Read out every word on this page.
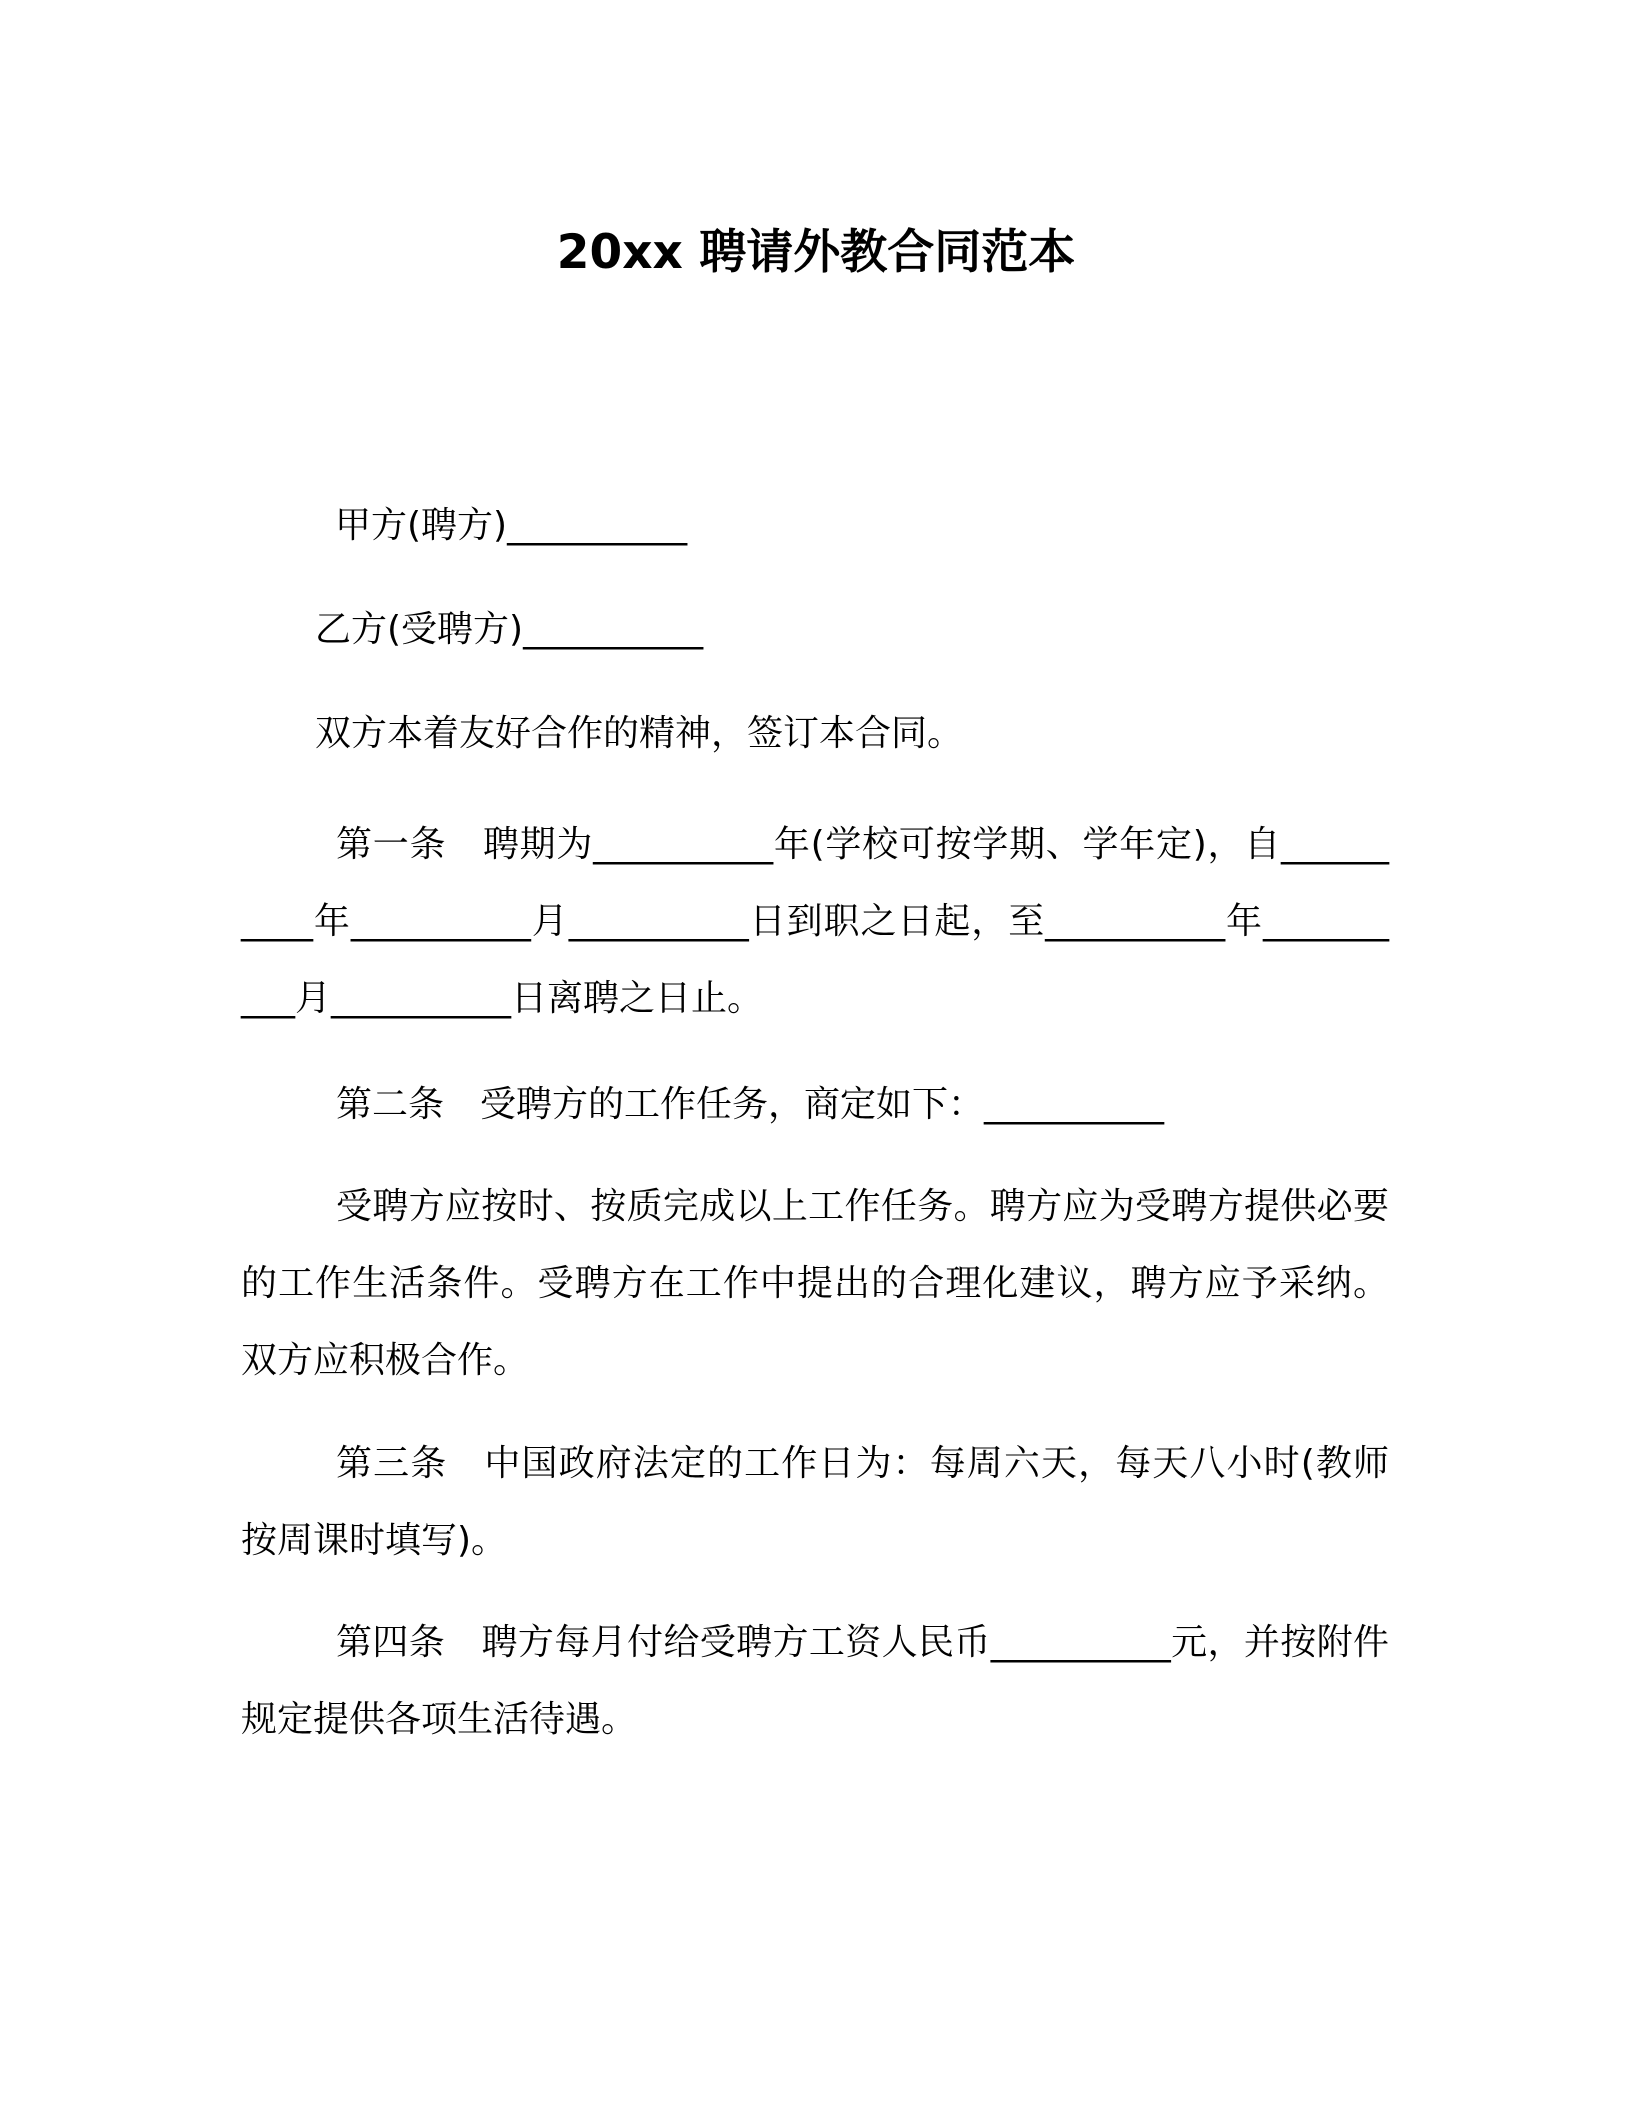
20xx 聘请外教合同范本
甲方(聘方)__________
乙方(受聘方)__________
双方本着友好合作的精神，签订本合同。
第一条　聘期为__________年(学校可按学期、学年定)，自__________年__________月__________日到职之日起，至__________年__________月__________日离聘之日止。
第二条　受聘方的工作任务，商定如下：__________
受聘方应按时、按质完成以上工作任务。聘方应为受聘方提供必要的工作生活条件。受聘方在工作中提出的合理化建议，聘方应予采纳。双方应积极合作。
第三条　中国政府法定的工作日为：每周六天，每天八小时(教师按周课时填写)。
第四条　聘方每月付给受聘方工资人民币__________元，并按附件规定提供各项生活待遇。
